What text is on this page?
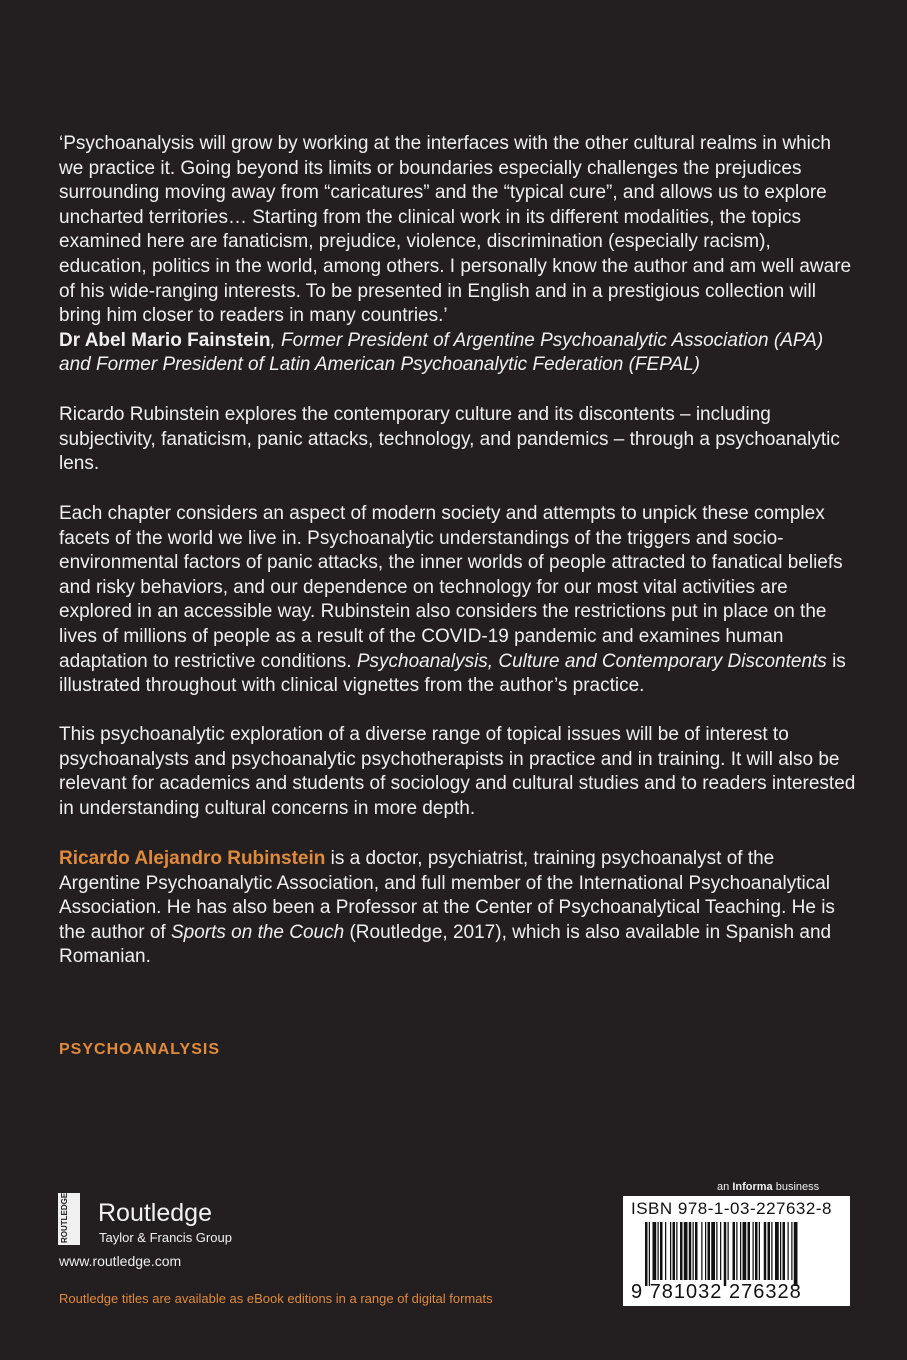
‘Psychoanalysis will grow by working at the interfaces with the other cultural realms in which we practice it. Going beyond its limits or boundaries especially challenges the prejudices surrounding moving away from “caricatures” and the “typical cure”, and allows us to explore uncharted territories… Starting from the clinical work in its different modalities, the topics examined here are fanaticism, prejudice, violence, discrimination (especially racism), education, politics in the world, among others. I personally know the author and am well aware of his wide-ranging interests. To be presented in English and in a prestigious collection will bring him closer to readers in many countries.’
Dr Abel Mario Fainstein, Former President of Argentine Psychoanalytic Association (APA) and Former President of Latin American Psychoanalytic Federation (FEPAL)

Ricardo Rubinstein explores the contemporary culture and its discontents – including subjectivity, fanaticism, panic attacks, technology, and pandemics – through a psychoanalytic lens.

Each chapter considers an aspect of modern society and attempts to unpick these complex facets of the world we live in. Psychoanalytic understandings of the triggers and socio-environmental factors of panic attacks, the inner worlds of people attracted to fanatical beliefs and risky behaviors, and our dependence on technology for our most vital activities are explored in an accessible way. Rubinstein also considers the restrictions put in place on the lives of millions of people as a result of the COVID-19 pandemic and examines human adaptation to restrictive conditions. Psychoanalysis, Culture and Contemporary Discontents is illustrated throughout with clinical vignettes from the author’s practice.

This psychoanalytic exploration of a diverse range of topical issues will be of interest to psychoanalysts and psychoanalytic psychotherapists in practice and in training. It will also be relevant for academics and students of sociology and cultural studies and to readers interested in understanding cultural concerns in more depth.

Ricardo Alejandro Rubinstein is a doctor, psychiatrist, training psychoanalyst of the Argentine Psychoanalytic Association, and full member of the International Psychoanalytical Association. He has also been a Professor at the Center of Psychoanalytical Teaching. He is the author of Sports on the Couch (Routledge, 2017), which is also available in Spanish and Romanian.

PSYCHOANALYSIS
ROUTLEDGE	Routledge
Taylor & Francis Group
www.routledge.com
Routledge titles are available as eBook editions in a range of digital formats
an Informa business
ISBN 978-1-03-227632-8
9 781032 276328
